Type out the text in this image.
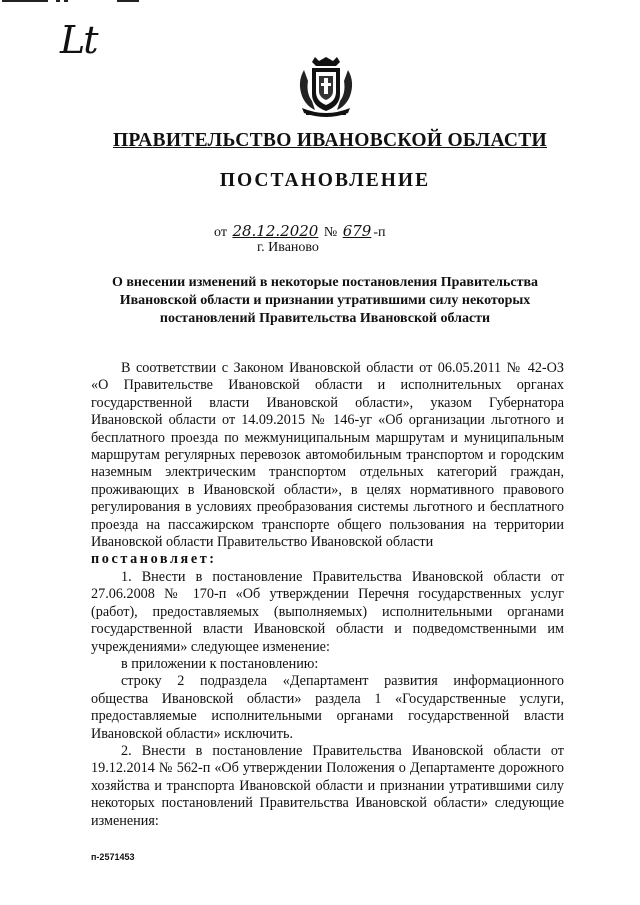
Lt
ПРАВИТЕЛЬСТВО ИВАНОВСКОЙ ОБЛАСТИ
ПОСТАНОВЛЕНИЕ
от 28.12.2020 № 679 -п
г. Иваново
О внесении изменений в некоторые постановления Правительства Ивановской области и признании утратившими силу некоторых постановлений Правительства Ивановской области

В соответствии с Законом Ивановской области от 06.05.2011 № 42-ОЗ «О Правительстве Ивановской области и исполнительных органах государственной власти Ивановской области», указом Губернатора Ивановской области от 14.09.2015 № 146-уг «Об организации льготного и бесплатного проезда по межмуниципальным маршрутам и муниципальным маршрутам регулярных перевозок автомобильным транспортом и городским наземным электрическим транспортом отдельных категорий граждан, проживающих в Ивановской области», в целях нормативного правового регулирования в условиях преобразования системы льготного и бесплатного проезда на пассажирском транспорте общего пользования на территории Ивановской области Правительство Ивановской области

постановляет:

1. Внести в постановление Правительства Ивановской области от 27.06.2008 № 170-п «Об утверждении Перечня государственных услуг (работ), предоставляемых (выполняемых) исполнительными органами государственной власти Ивановской области и подведомственными им учреждениями» следующее изменение:

в приложении к постановлению:

строку 2 подраздела «Департамент развития информационного общества Ивановской области» раздела 1 «Государственные услуги, предоставляемые исполнительными органами государственной власти Ивановской области» исключить.

2. Внести в постановление Правительства Ивановской области от 19.12.2014 № 562-п «Об утверждении Положения о Департаменте дорожного хозяйства и транспорта Ивановской области и признании утратившими силу некоторых постановлений Правительства Ивановской области» следующие изменения:

п-2571453
